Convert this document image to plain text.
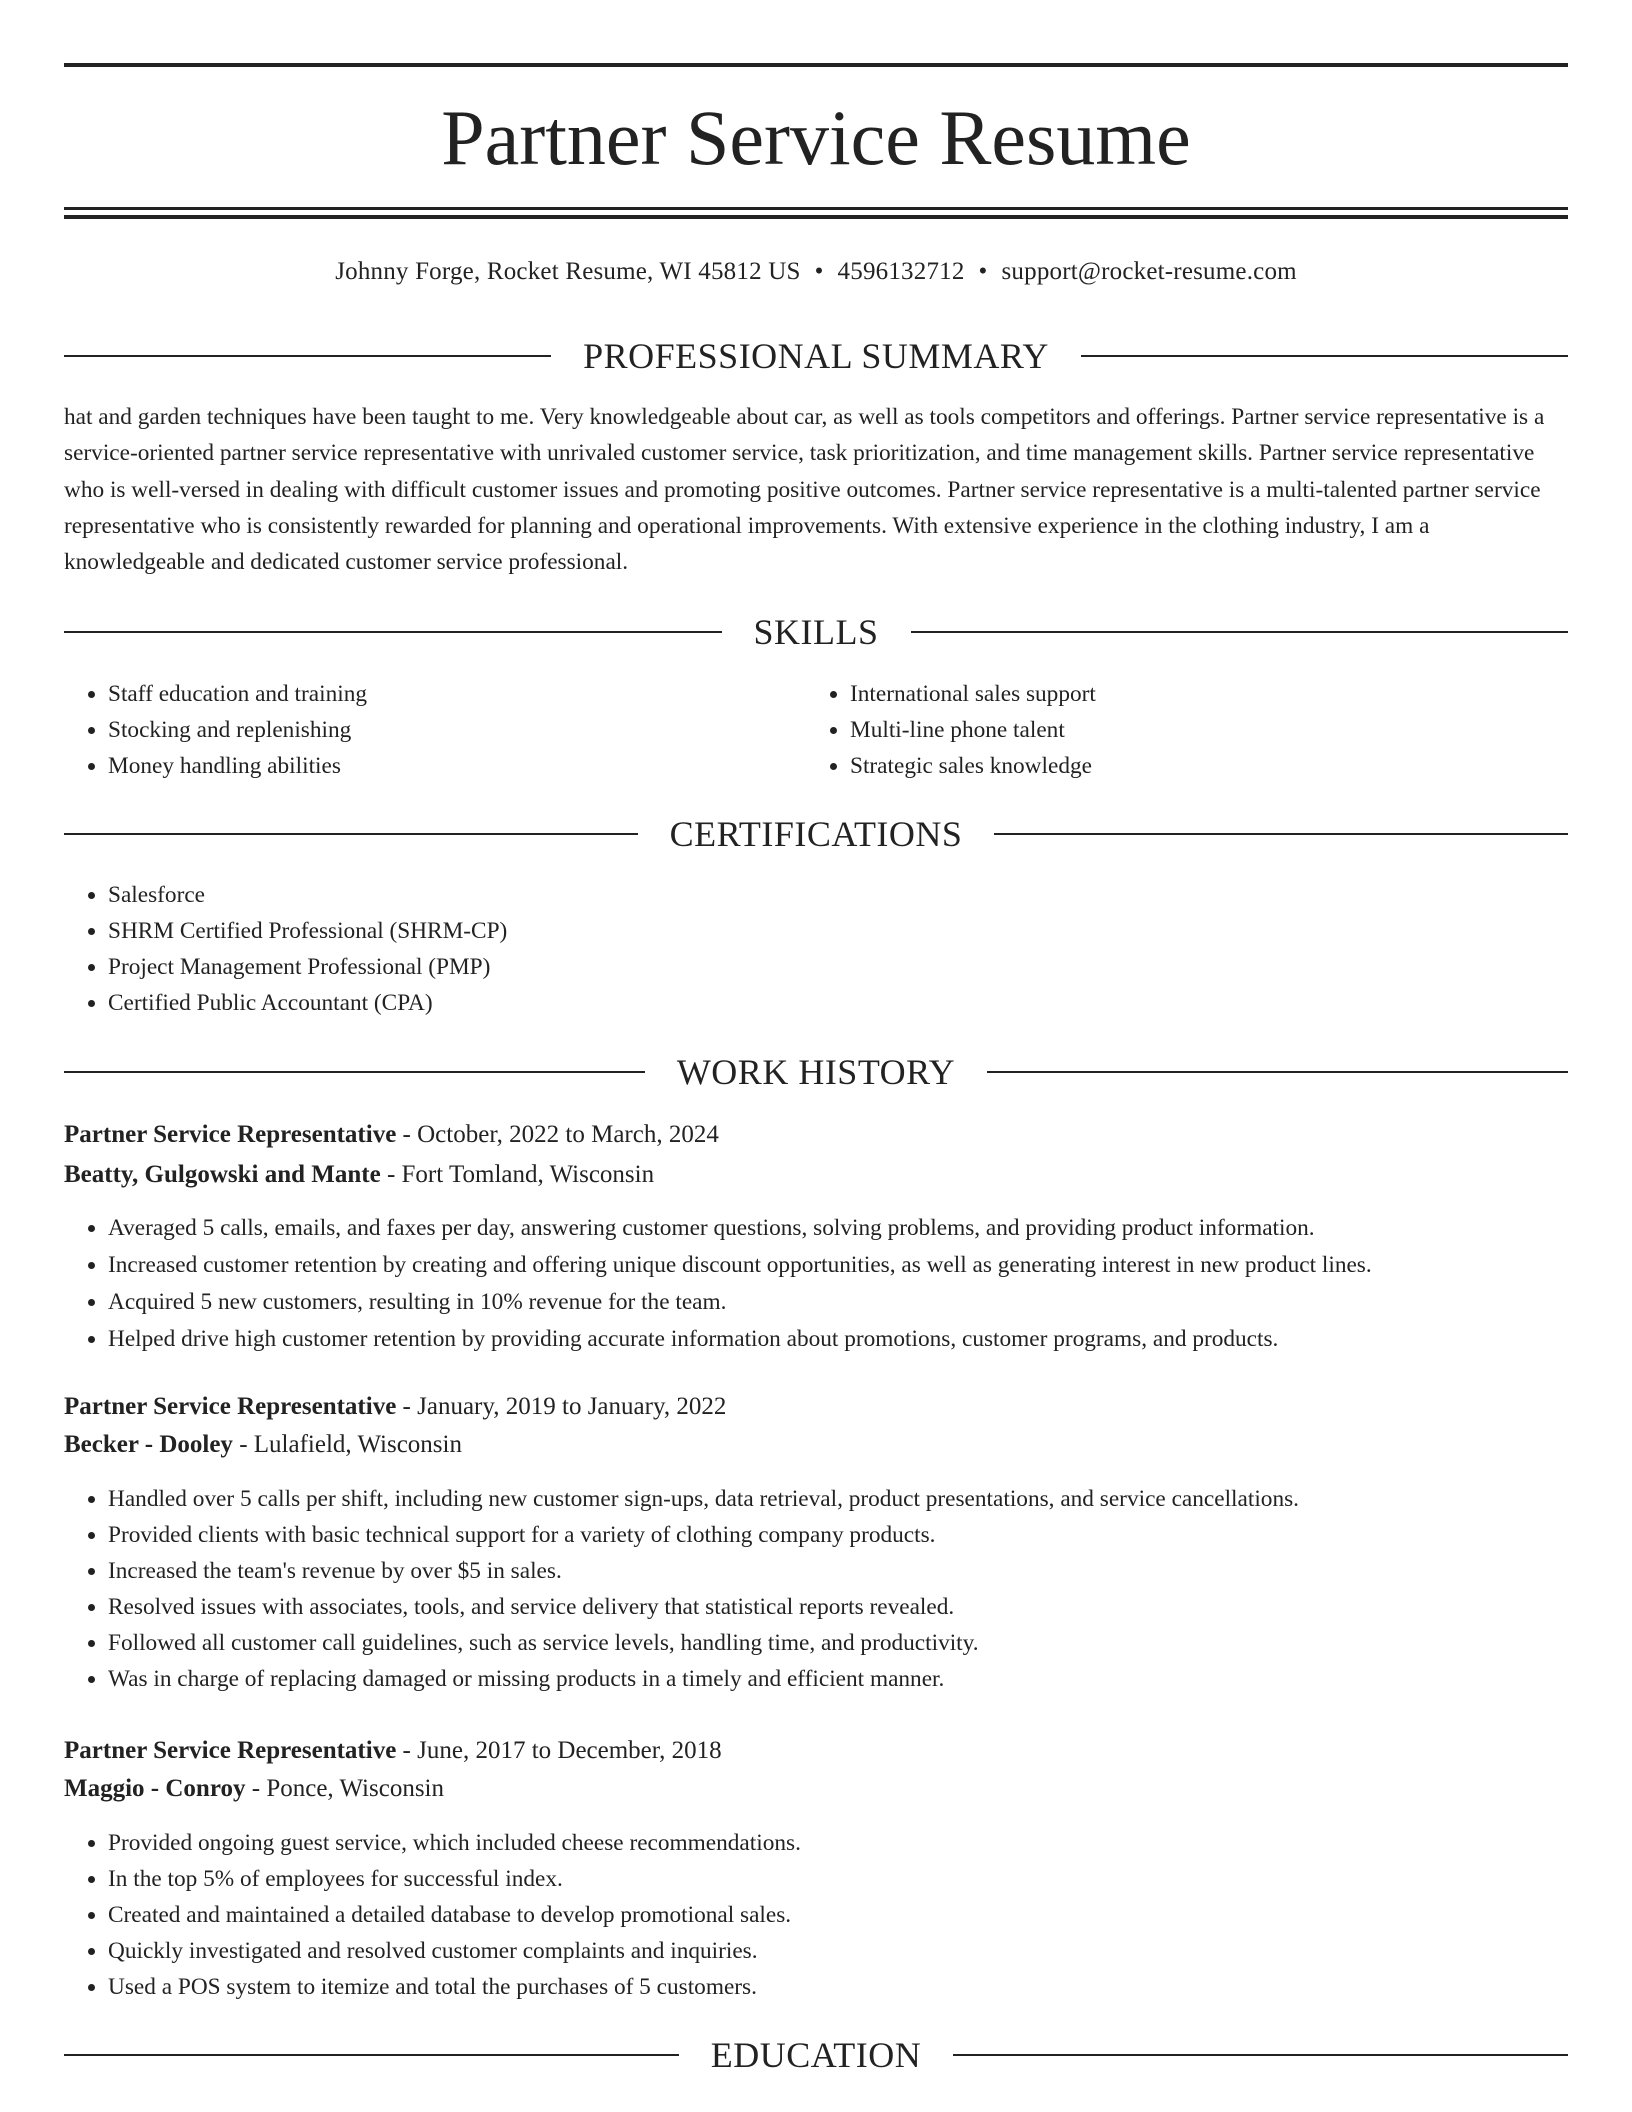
Partner Service Resume
Johnny Forge, Rocket Resume, WI 45812 US • 4596132712 • support@rocket-resume.com
PROFESSIONAL SUMMARY

hat and garden techniques have been taught to me. Very knowledgeable about car, as well as tools competitors and offerings. Partner service representative is a service-oriented partner service representative with unrivaled customer service, task prioritization, and time management skills. Partner service representative who is well-versed in dealing with difficult customer issues and promoting positive outcomes. Partner service representative is a multi-talented partner service representative who is consistently rewarded for planning and operational improvements. With extensive experience in the clothing industry, I am a knowledgeable and dedicated customer service professional.

SKILLS
• Staff education and training
• Stocking and replenishing
• Money handling abilities
• International sales support
• Multi-line phone talent
• Strategic sales knowledge
CERTIFICATIONS
• Salesforce
• SHRM Certified Professional (SHRM-CP)
• Project Management Professional (PMP)
• Certified Public Accountant (CPA)
WORK HISTORY
Partner Service Representative - October, 2022 to March, 2024
Beatty, Gulgowski and Mante - Fort Tomland, Wisconsin
• Averaged 5 calls, emails, and faxes per day, answering customer questions, solving problems, and providing product information.
• Increased customer retention by creating and offering unique discount opportunities, as well as generating interest in new product lines.
• Acquired 5 new customers, resulting in 10% revenue for the team.
• Helped drive high customer retention by providing accurate information about promotions, customer programs, and products.
Partner Service Representative - January, 2019 to January, 2022
Becker - Dooley - Lulafield, Wisconsin
• Handled over 5 calls per shift, including new customer sign-ups, data retrieval, product presentations, and service cancellations.
• Provided clients with basic technical support for a variety of clothing company products.
• Increased the team's revenue by over $5 in sales.
• Resolved issues with associates, tools, and service delivery that statistical reports revealed.
• Followed all customer call guidelines, such as service levels, handling time, and productivity.
• Was in charge of replacing damaged or missing products in a timely and efficient manner.
Partner Service Representative - June, 2017 to December, 2018
Maggio - Conroy - Ponce, Wisconsin
• Provided ongoing guest service, which included cheese recommendations.
• In the top 5% of employees for successful index.
• Created and maintained a detailed database to develop promotional sales.
• Quickly investigated and resolved customer complaints and inquiries.
• Used a POS system to itemize and total the purchases of 5 customers.
EDUCATION
